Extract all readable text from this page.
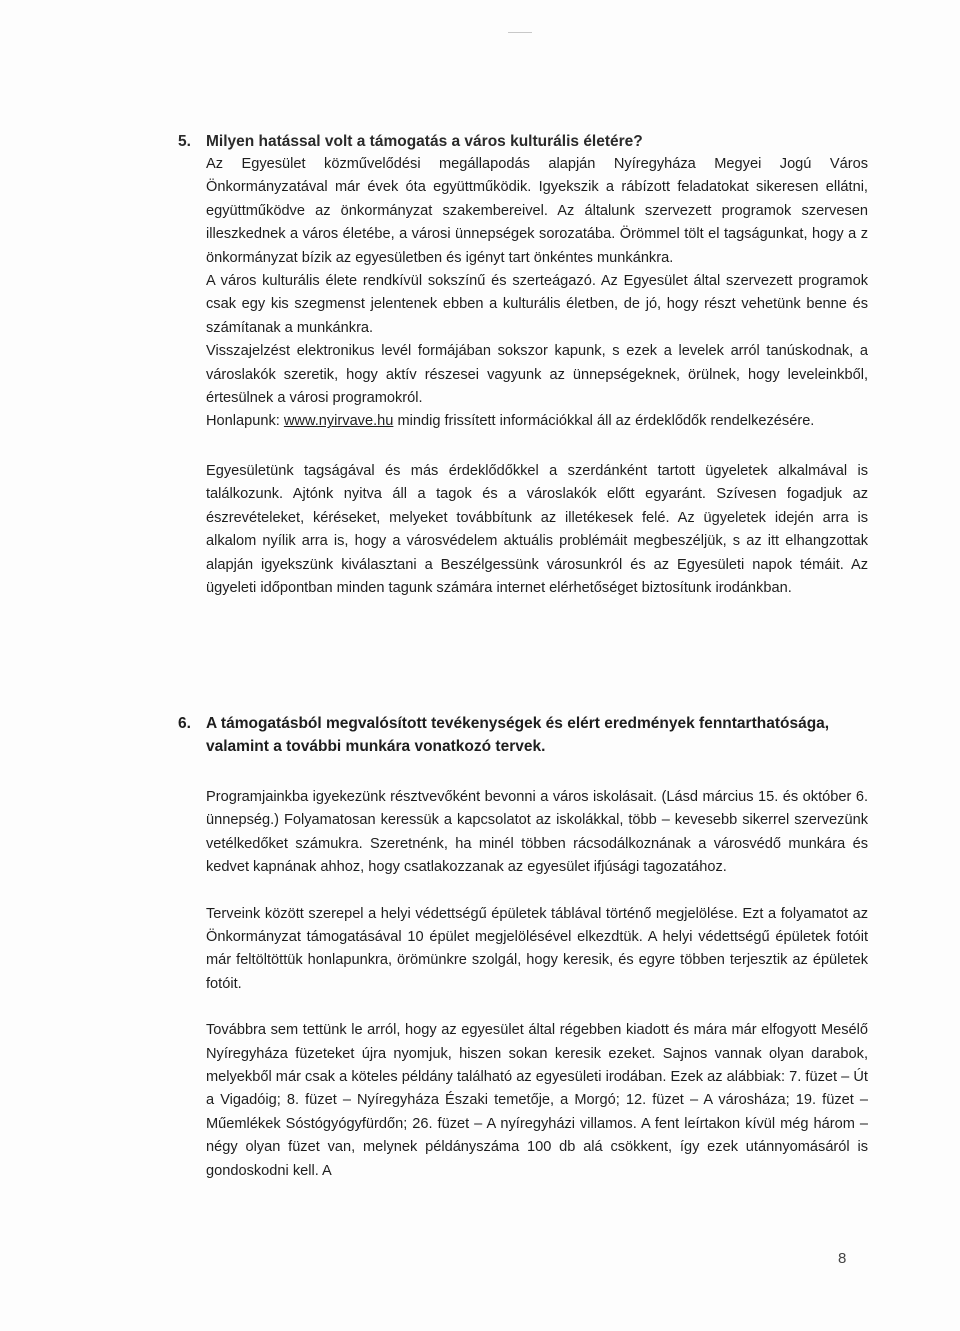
5. Milyen hatással volt a támogatás a város kulturális életére?

Az Egyesület közművelődési megállapodás alapján Nyíregyháza Megyei Jogú Város Önkormányzatával már évek óta együttműködik. Igyekszik a rábízott feladatokat sikeresen ellátni, együttműködve az önkormányzat szakembereivel. Az általunk szervezett programok szervesen illeszkednek a város életébe, a városi ünnepségek sorozatába. Örömmel tölt el tagságunkat, hogy a z önkormányzat bízik az egyesületben és igényt tart önkéntes munkánkra.

A város kulturális élete rendkívül sokszínű és szerteágazó. Az Egyesület által szervezett programok csak egy kis szegmenst jelentenek ebben a kulturális életben, de jó, hogy részt vehetünk benne és számítanak a munkánkra.

Visszajelzést elektronikus levél formájában sokszor kapunk, s ezek a levelek arról tanúskodnak, a városlakók szeretik, hogy aktív részesei vagyunk az ünnepségeknek, örülnek, hogy leveleinkből, értesülnek a városi programokról.

Honlapunk: www.nyirvave.hu mindig frissített információkkal áll az érdeklődők rendelkezésére.

Egyesületünk tagságával és más érdeklődőkkel a szerdánként tartott ügyeletek alkalmával is találkozunk. Ajtónk nyitva áll a tagok és a városlakók előtt egyaránt. Szívesen fogadjuk az észrevételeket, kéréseket, melyeket továbbítunk az illetékesek felé. Az ügyeletek idején arra is alkalom nyílik arra is, hogy a városvédelem aktuális problémáit megbeszéljük, s az itt elhangzottak alapján igyekszünk kiválasztani a Beszélgessünk városunkról és az Egyesületi napok témáit. Az ügyeleti időpontban minden tagunk számára internet elérhetőséget biztosítunk irodánkban.

6. A támogatásból megvalósított tevékenységek és elért eredmények fenntarthatósága, valamint a további munkára vonatkozó tervek.

Programjainkba igyekezünk résztvevőként bevonni a város iskolásait. (Lásd március 15. és október 6. ünnepség.) Folyamatosan keressük a kapcsolatot az iskolákkal, több – kevesebb sikerrel szervezünk vetélkedőket számukra. Szeretnénk, ha minél többen rácsodálkoznának a városvédő munkára és kedvet kapnának ahhoz, hogy csatlakozzanak az egyesület ifjúsági tagozatához.

Terveink között szerepel a helyi védettségű épületek táblával történő megjelölése. Ezt a folyamatot az Önkormányzat támogatásával 10 épület megjelölésével elkezdtük. A helyi védettségű épületek fotóit már feltöltöttük honlapunkra, örömünkre szolgál, hogy keresik, és egyre többen terjesztik az épületek fotóit.

Továbbra sem tettünk le arról, hogy az egyesület által régebben kiadott és mára már elfogyott Mesélő Nyíregyháza füzeteket újra nyomjuk, hiszen sokan keresik ezeket. Sajnos vannak olyan darabok, melyekből már csak a köteles példány található az egyesületi irodában. Ezek az alábbiak: 7. füzet – Út a Vigadóig; 8. füzet – Nyíregyháza Északi temetője, a Morgó; 12. füzet – A városháza; 19. füzet – Műemlékek Sóstógyógyfürdőn; 26. füzet – A nyíregyházi villamos. A fent leírtakon kívül még három – négy olyan füzet van, melynek példányszáma 100 db alá csökkent, így ezek utánnyomásáról is gondoskodni kell. A

8
